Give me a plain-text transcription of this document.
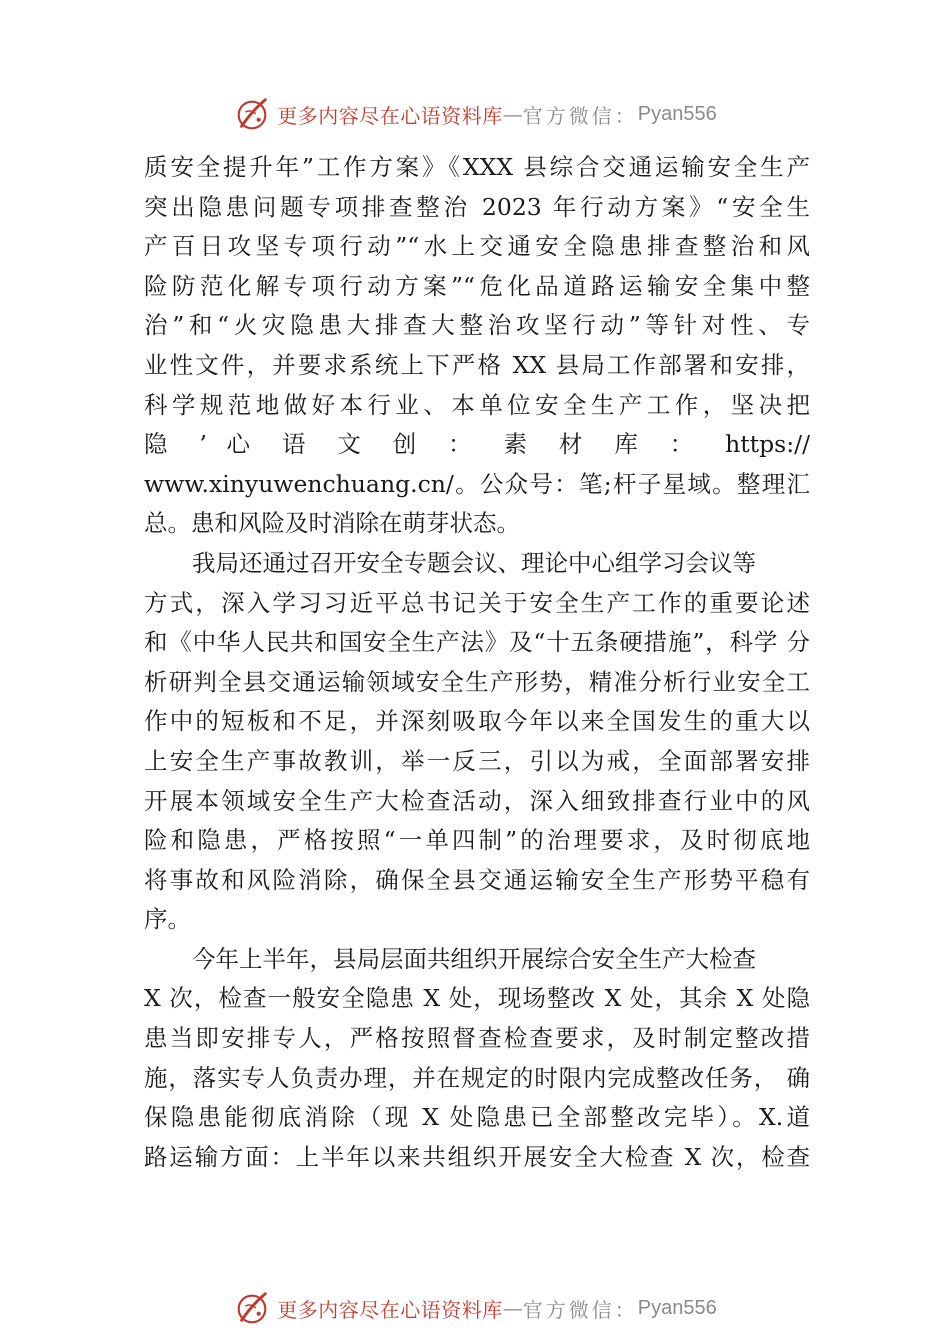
更多内容尽在心语资料库 — 官方微信： Pyan556
质安全提升年”工作方案》《XXX 县综合交通运输安全生产
突出隐患问题专项排查整治 2023 年行动方案》“安全生
产百日攻坚专项行动”“水上交通安全隐患排查整治和风
险防范化解专项行动方案”“危化品道路运输安全集中整
治”和“火灾隐患大排查大整治攻坚行动”等针对性、专
业性文件，并要求系统上下严格 XX 县局工作部署和安排，
科学规范地做好本行业、本单位安全生产工作，坚决把
隐 ’ 心 语 文 创 ： 素 材 库 ： https://
www.xinyuwenchuang.cn/。公众号：笔;杆子星域。整理汇
总。患和风险及时消除在萌芽状态。
我局还通过召开安全专题会议、理论中心组学习会议等
方式，深入学习习近平总书记关于安全生产工作的重要论述
和《中华人民共和国安全生产法》及“十五条硬措施”，科学 分
析研判全县交通运输领域安全生产形势，精准分析行业安全工
作中的短板和不足，并深刻吸取今年以来全国发生的重大以
上安全生产事故教训，举一反三，引以为戒，全面部署安排
开展本领域安全生产大检查活动，深入细致排查行业中的风
险和隐患，严格按照“一单四制”的治理要求，及时彻底地
将事故和风险消除，确保全县交通运输安全生产形势平稳有
序。
今年上半年，县局层面共组织开展综合安全生产大检查
X 次，检查一般安全隐患 X 处，现场整改 X 处，其余 X 处隐
患当即安排专人，严格按照督查检查要求，及时制定整改措
施，落实专人负责办理，并在规定的时限内完成整改任务， 确
保隐患能彻底消除（现 X 处隐患已全部整改完毕）。X.道
路运输方面：上半年以来共组织开展安全大检查 X 次，检查
更多内容尽在心语资料库 — 官方微信： Pyan556
